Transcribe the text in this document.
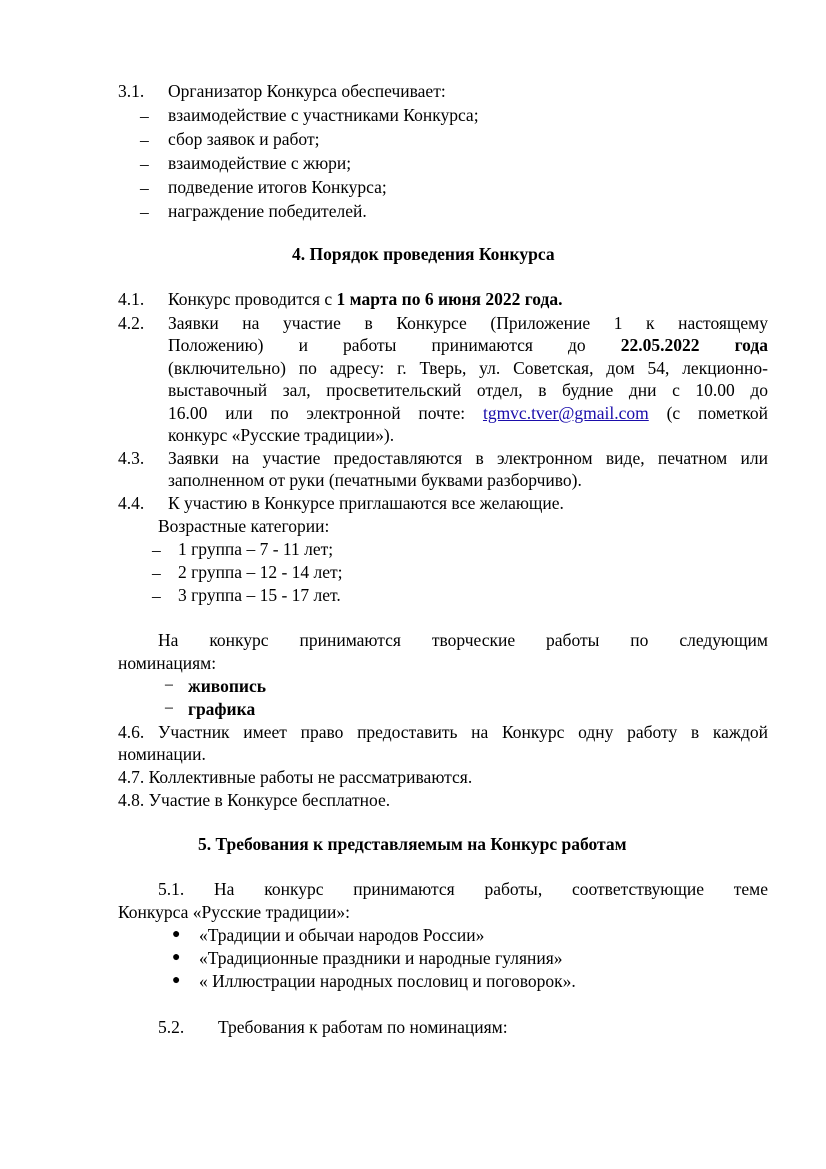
3.1. Организатор Конкурса обеспечивает:
– взаимодействие с участниками Конкурса;
– сбор заявок и работ;
– взаимодействие с жюри;
– подведение итогов Конкурса;
– награждение победителей.
4. Порядок проведения Конкурса
4.1. Конкурс проводится с 1 марта по 6 июня 2022 года.
4.2. Заявки на участие в Конкурсе (Приложение 1 к настоящему
Положению) и работы принимаются до 22.05.2022 года
(включительно) по адресу: г. Тверь, ул. Советская, дом 54, лекционно-
выставочный зал, просветительский отдел, в будние дни с 10.00 до
16.00 или по электронной почте: tgmvc.tver@gmail.com (с пометкой
конкурс «Русские традиции»).
4.3. Заявки на участие предоставляются в электронном виде, печатном или
заполненном от руки (печатными буквами разборчиво).
4.4. К участию в Конкурсе приглашаются все желающие.
Возрастные категории:
– 1 группа – 7 - 11 лет;
– 2 группа – 12 - 14 лет;
– 3 группа – 15 - 17 лет.
На конкурс принимаются творческие работы по следующим
номинациям:
− живопись
− графика
4.6. Участник имеет право предоставить на Конкурс одну работу в каждой
номинации.
4.7. Коллективные работы не рассматриваются.
4.8. Участие в Конкурсе бесплатное.
5. Требования к представляемым на Конкурс работам
5.1. На конкурс принимаются работы, соответствующие теме
Конкурса «Русские традиции»:
● «Традиции и обычаи народов России»
● «Традиционные праздники и народные гуляния»
● « Иллюстрации народных пословиц и поговорок».
5.2. Требования к работам по номинациям:
